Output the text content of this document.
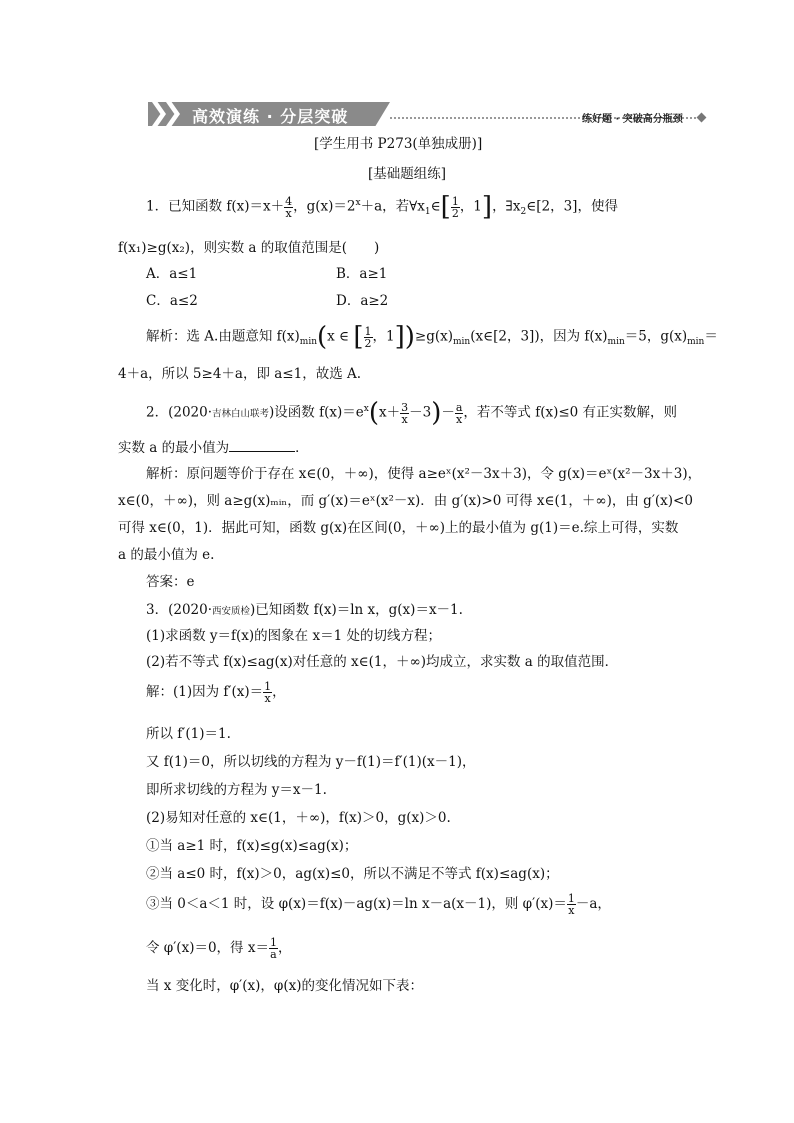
高效演练 · 分层突破	练好题 · 突破高分瓶颈
[学生用书 P273(单独成册)]
[基础题组练]
1．已知函数 $f(x)=x+ \frac{4}{x}$ ，$g(x)=2^x+a$，若$\forall x_1\in[ \frac{1}{2}$ ，1]，$\exists x_2\in[2$，3]，使得
f(x₁)≥g(x₂)，则实数 a 的取值范围是(　　)
A．a≤1	B．a≥1
C．a≤2	D．a≥2
解析：选 A.由题意知 $f(x)_{min}(x$ ∈ [ $\frac{1}{2}$ ，$1])\ge g(x)_{min}(x\in[2$，3])，因为 $f(x)_{min}=5$，$g(x)_{min}=$
4＋a，所以 5≥4＋a，即 a≤1，故选 A.
2．(2020·吉林白山联考)设函数 $f(x)=e^x(x+ \frac{3}{x} -3)- \frac{a}{x}$ ，若不等式 f(x)≤0 有正实数解，则
实数 a 的最小值为	．
解析：原问题等价于存在 x∈(0，＋∞)，使得 a≥eˣ(x²－3x＋3)，令 g(x)＝eˣ(x²－3x＋3)，
x∈(0，＋∞)，则 a≥g(x)ₘᵢₙ，而 g′(x)＝eˣ(x²－x)．由 g′(x)>0 可得 x∈(1，＋∞)，由 g′(x)<0
可得 x∈(0，1)．据此可知，函数 g(x)在区间(0，＋∞)上的最小值为 g(1)＝e.综上可得，实数
a 的最小值为 e.
答案：e
3．(2020·西安质检)已知函数 f(x)＝ln x，g(x)＝x－1.
(1)求函数 y＝f(x)的图象在 x＝1 处的切线方程；
(2)若不等式 f(x)≤ag(x)对任意的 x∈(1，＋∞)均成立，求实数 a 的取值范围．
解：(1)因为 $f'(x)= \frac{1}{x}$ ，
所以 f′(1)＝1.
又 f(1)＝0，所以切线的方程为 y－f(1)＝f′(1)(x－1)，
即所求切线的方程为 y＝x－1.
(2)易知对任意的 x∈(1，＋∞)，f(x)＞0，g(x)＞0.
①当 a≥1 时，f(x)≤g(x)≤ag(x)；
②当 a≤0 时，f(x)＞0，ag(x)≤0，所以不满足不等式 f(x)≤ag(x)；
③当 0＜a＜1 时，设 φ(x)＝f(x)－ag(x)＝ln x－a(x－1)，则 $\varphi'(x)= \frac{1}{x} -a$，
令 φ′(x)＝0，得 $x= \frac{1}{a}$ ，
当 x 变化时，φ′(x)，φ(x)的变化情况如下表：
